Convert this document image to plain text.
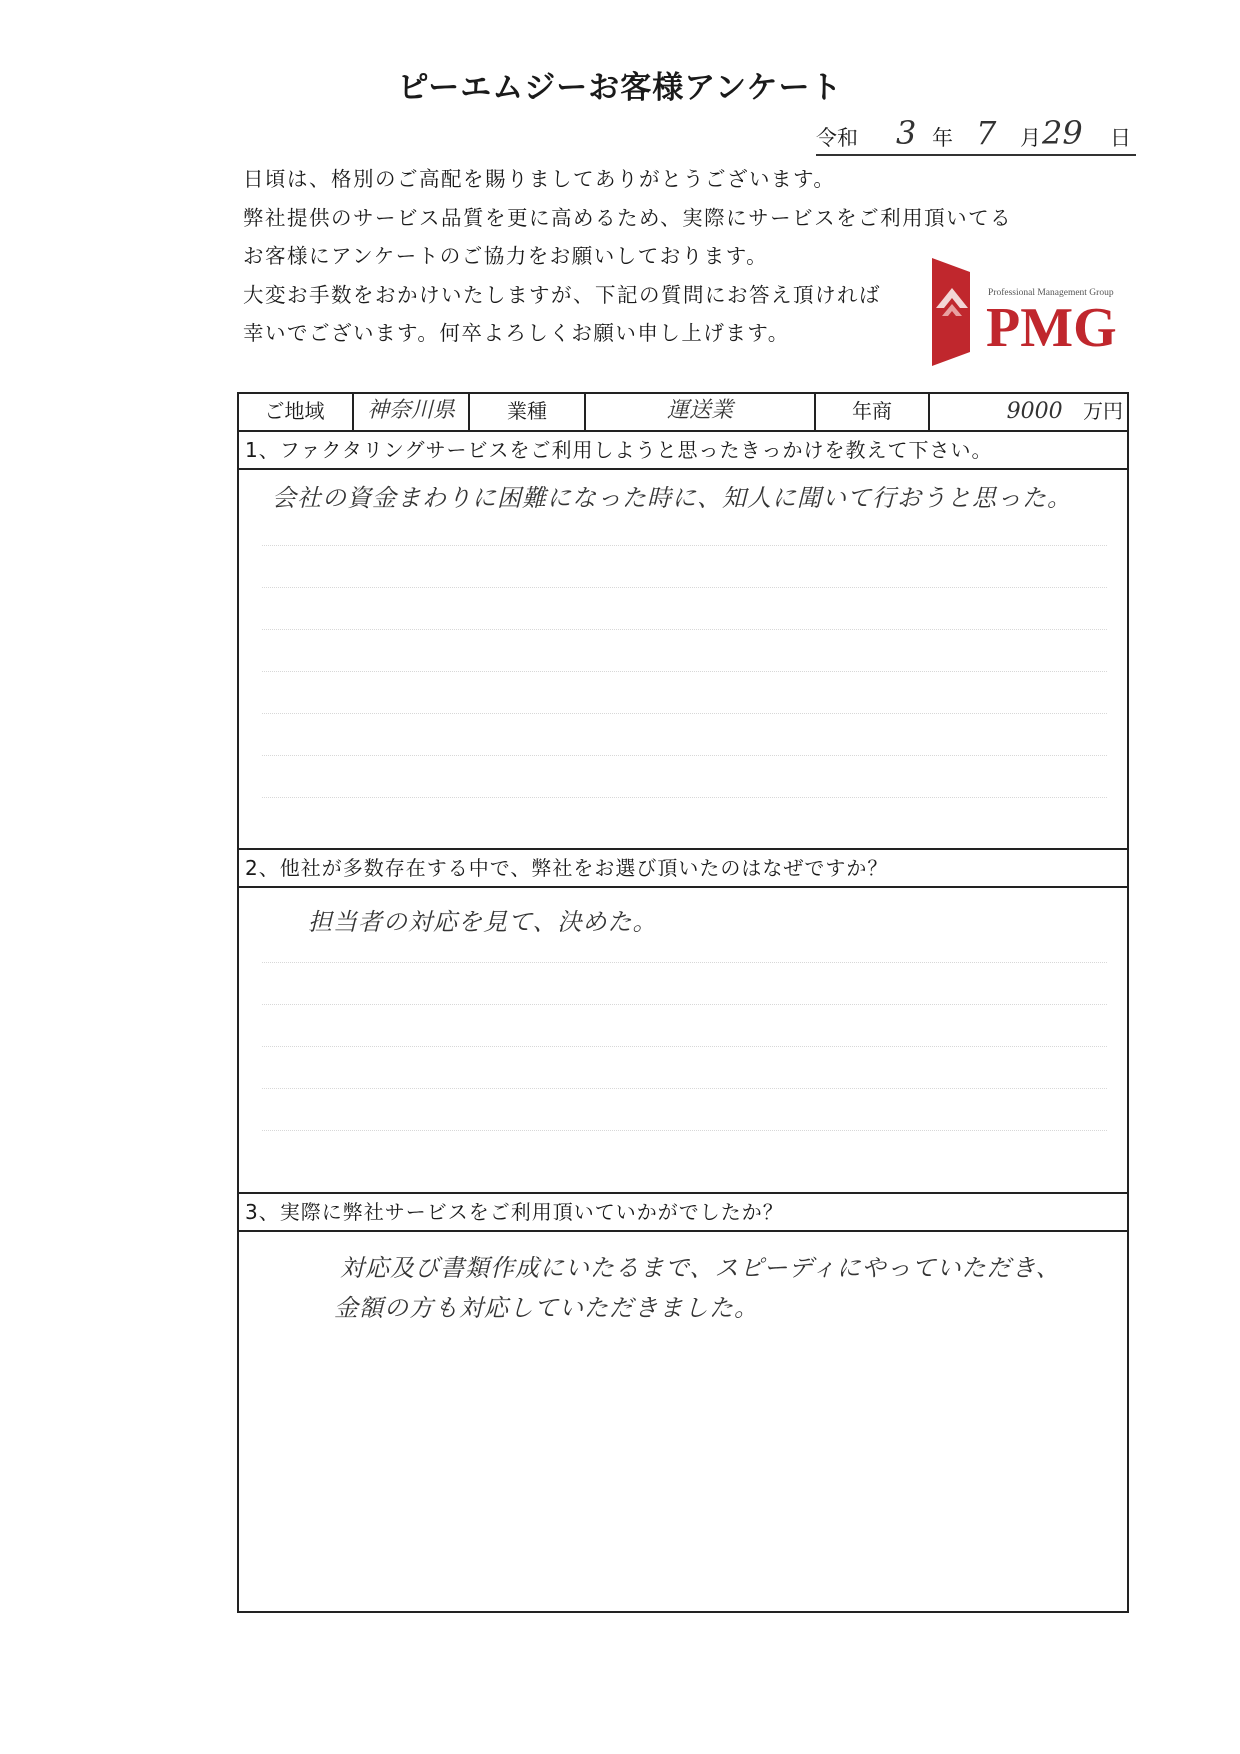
ピーエムジーお客様アンケート
令和 3 年 7 月 29 日
日頃は、格別のご高配を賜りましてありがとうございます。
弊社提供のサービス品質を更に高めるため、実際にサービスをご利用頂いてる
お客様にアンケートのご協力をお願いしております。
大変お手数をおかけいたしますが、下記の質問にお答え頂ければ
幸いでございます。何卒よろしくお願い申し上げます。
Professional Management Group
PMG
ご地域	神奈川県	業種	運送業	年商	9000 万円
1、ファクタリングサービスをご利用しようと思ったきっかけを教えて下さい。
会社の資金まわりに困難になった時に、知人に聞いて行おうと思った。
2、他社が多数存在する中で、弊社をお選び頂いたのはなぜですか？
担当者の対応を見て、決めた。
3、実際に弊社サービスをご利用頂いていかがでしたか？
対応及び書類作成にいたるまで、スピーディにやっていただき、
金額の方も対応していただきました。
